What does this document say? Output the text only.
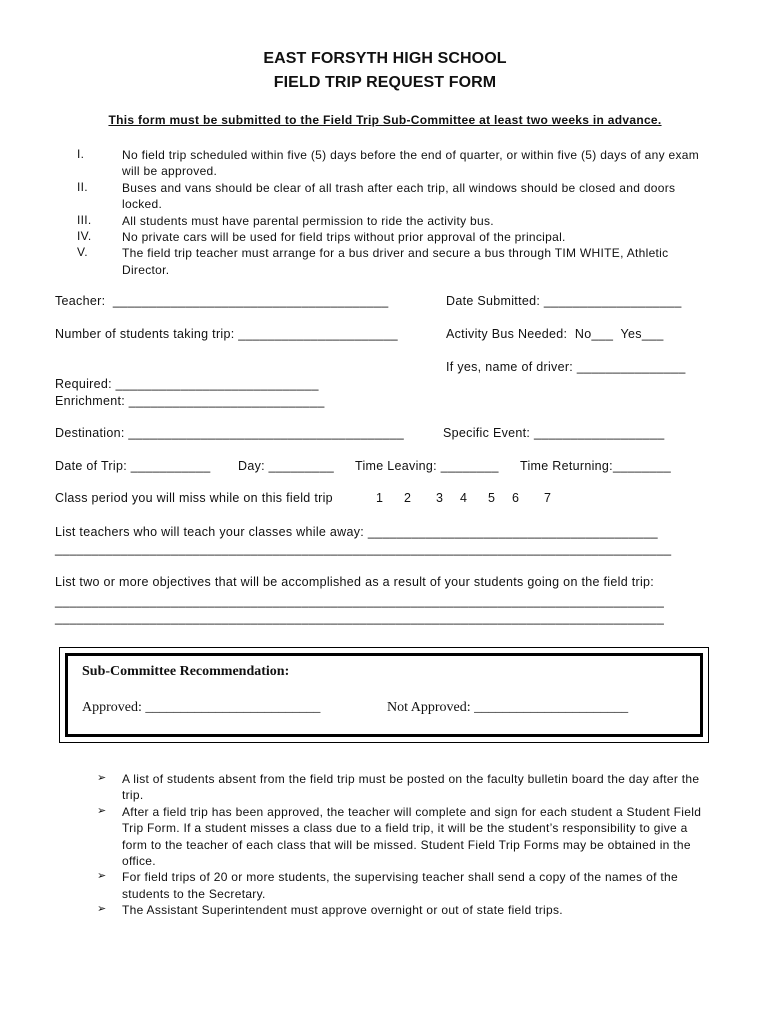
EAST FORSYTH HIGH SCHOOL
FIELD TRIP REQUEST FORM
This form must be submitted to the Field Trip Sub-Committee at least two weeks in advance.
I.	No field trip scheduled within five (5) days before the end of quarter, or within five (5) days of any exam will be approved.
II.	Buses and vans should be clear of all trash after each trip, all windows should be closed and doors locked.
III.	All students must have parental permission to ride the activity bus.
IV.	No private cars will be used for field trips without prior approval of the principal.
V.	The field trip teacher must arrange for a bus driver and secure a bus through TIM WHITE, Athletic Director.
Teacher:  ______________________________________	Date Submitted: ___________________
Number of students taking trip: ______________________	Activity Bus Needed:  No___  Yes___
If yes, name of driver: _______________
Required: ____________________________
Enrichment: ___________________________
Destination: ______________________________________	Specific Event: __________________
Date of Trip: ___________ Day: _________ Time Leaving: ________ Time Returning:________
Class period you will miss while on this field trip	1 2 3 4 5 6 7
List teachers who will teach your classes while away: ________________________________________
_____________________________________________________________________________________
List two or more objectives that will be accomplished as a result of your students going on the field trip:
____________________________________________________________________________________
____________________________________________________________________________________
Sub-Committee Recommendation:
Approved: _________________________	Not Approved: ______________________
➢ A list of students absent from the field trip must be posted on the faculty bulletin board the day after the trip.
➢ After a field trip has been approved, the teacher will complete and sign for each student a Student Field Trip Form. If a student misses a class due to a field trip, it will be the student’s responsibility to give a form to the teacher of each class that will be missed. Student Field Trip Forms may be obtained in the office.
➢ For field trips of 20 or more students, the supervising teacher shall send a copy of the names of the students to the Secretary.
➢ The Assistant Superintendent must approve overnight or out of state field trips.
